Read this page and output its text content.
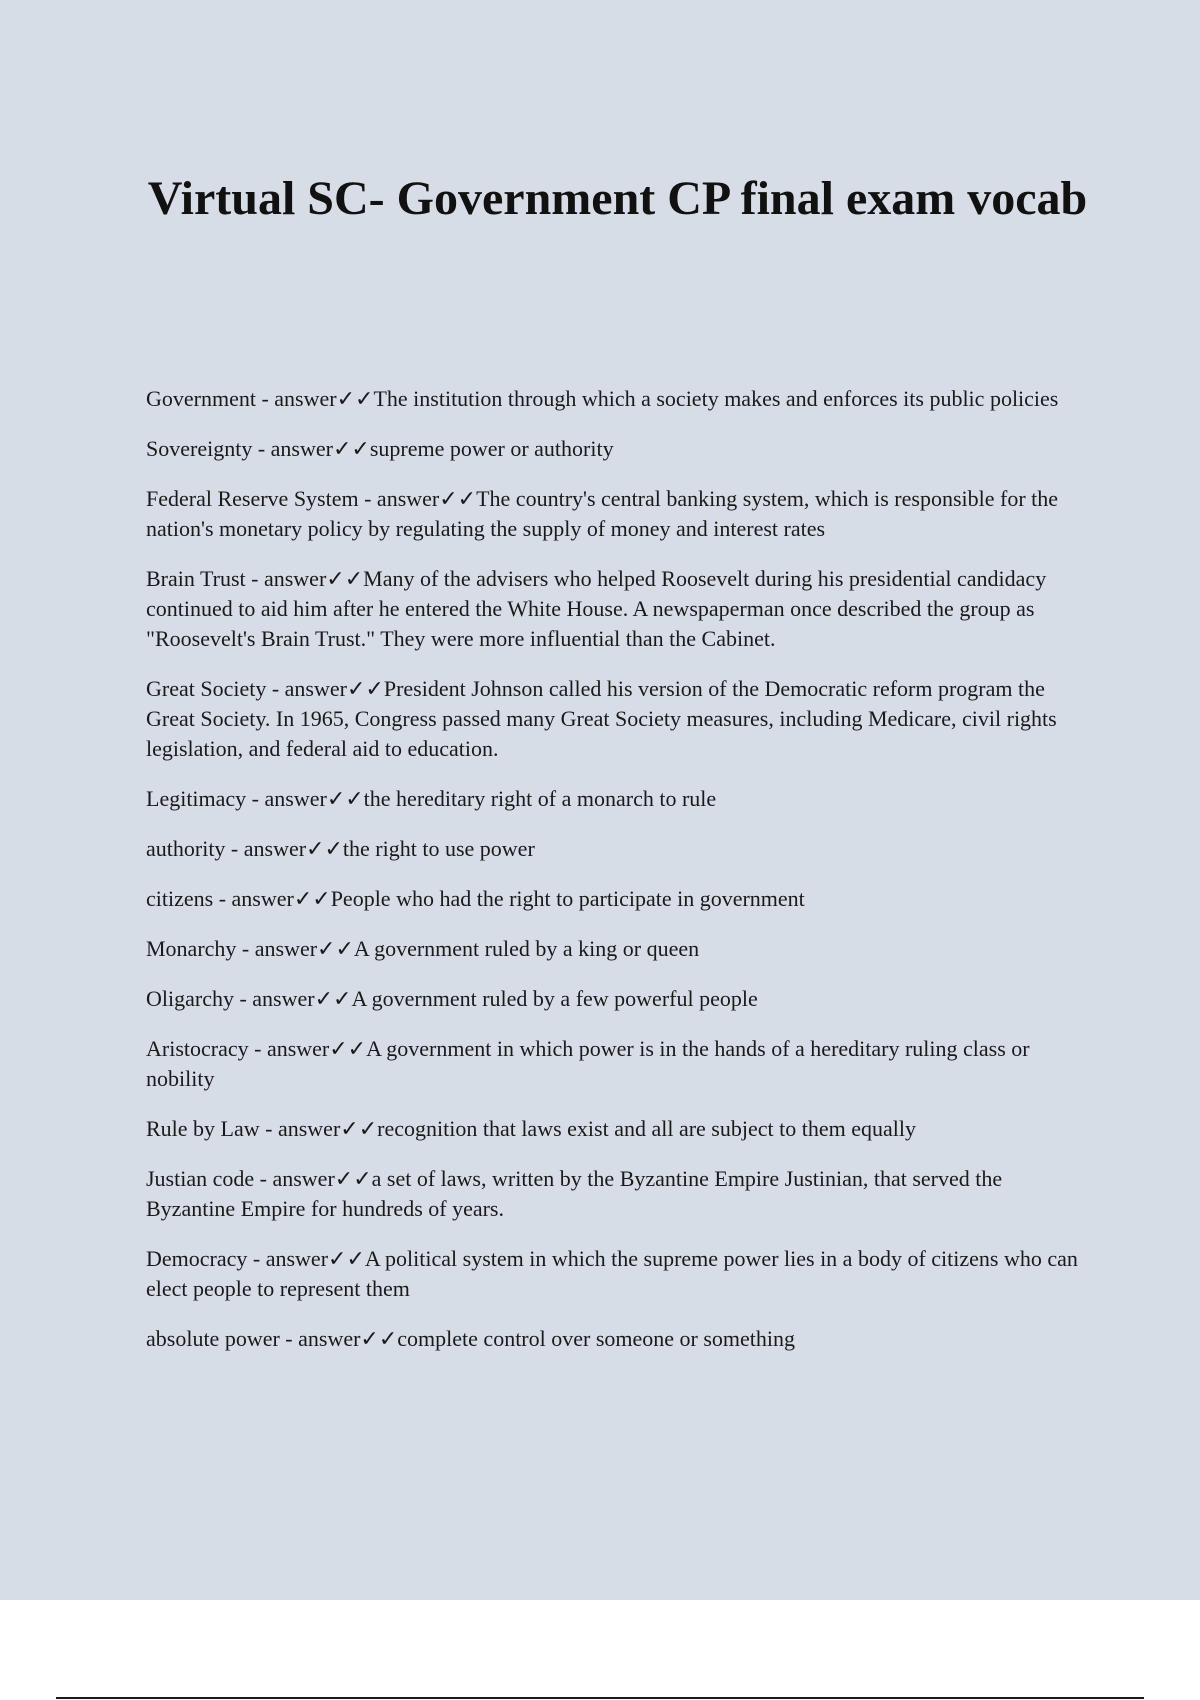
Virtual SC- Government CP final exam vocab
Government - answer✓✓The institution through which a society makes and enforces its public policies
Sovereignty - answer✓✓supreme power or authority
Federal Reserve System - answer✓✓The country's central banking system, which is responsible for the nation's monetary policy by regulating the supply of money and interest rates
Brain Trust - answer✓✓Many of the advisers who helped Roosevelt during his presidential candidacy continued to aid him after he entered the White House. A newspaperman once described the group as "Roosevelt's Brain Trust." They were more influential than the Cabinet.
Great Society - answer✓✓President Johnson called his version of the Democratic reform program the Great Society. In 1965, Congress passed many Great Society measures, including Medicare, civil rights legislation, and federal aid to education.
Legitimacy - answer✓✓the hereditary right of a monarch to rule
authority - answer✓✓the right to use power
citizens - answer✓✓People who had the right to participate in government
Monarchy - answer✓✓A government ruled by a king or queen
Oligarchy - answer✓✓A government ruled by a few powerful people
Aristocracy - answer✓✓A government in which power is in the hands of a hereditary ruling class or nobility
Rule by Law - answer✓✓recognition that laws exist and all are subject to them equally
Justian code - answer✓✓a set of laws, written by the Byzantine Empire Justinian, that served the Byzantine Empire for hundreds of years.
Democracy - answer✓✓A political system in which the supreme power lies in a body of citizens who can elect people to represent them
absolute power - answer✓✓complete control over someone or something
